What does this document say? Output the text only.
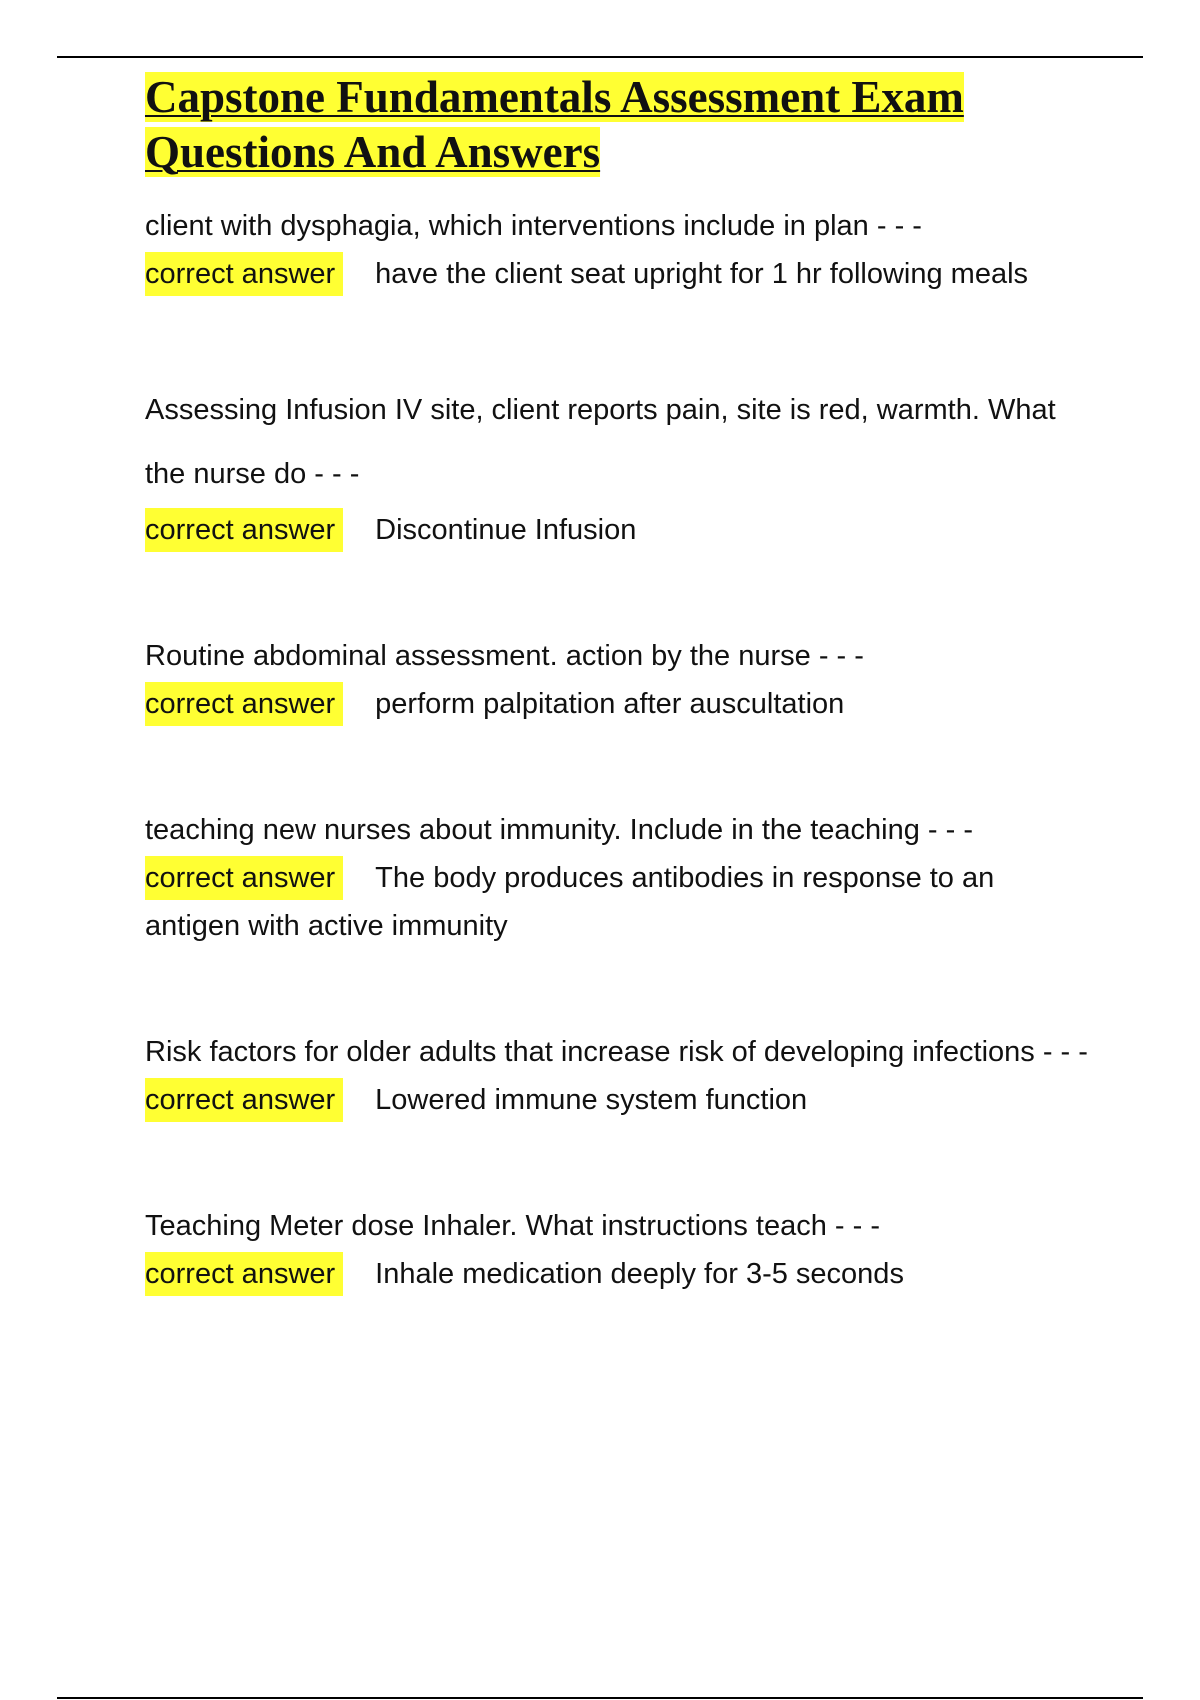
Capstone Fundamentals Assessment Exam Questions And Answers
client with dysphagia, which interventions include in plan - - -
correct answer have the client seat upright for 1 hr following meals
Assessing Infusion IV site, client reports pain, site is red, warmth. What the nurse do - - -
correct answer Discontinue Infusion
Routine abdominal assessment. action by the nurse - - -
correct answer perform palpitation after auscultation
teaching new nurses about immunity. Include in the teaching - - -
correct answer The body produces antibodies in response to an antigen with active immunity
Risk factors for older adults that increase risk of developing infections - - -
correct answer Lowered immune system function
Teaching Meter dose Inhaler. What instructions teach - - -
correct answer Inhale medication deeply for 3-5 seconds
